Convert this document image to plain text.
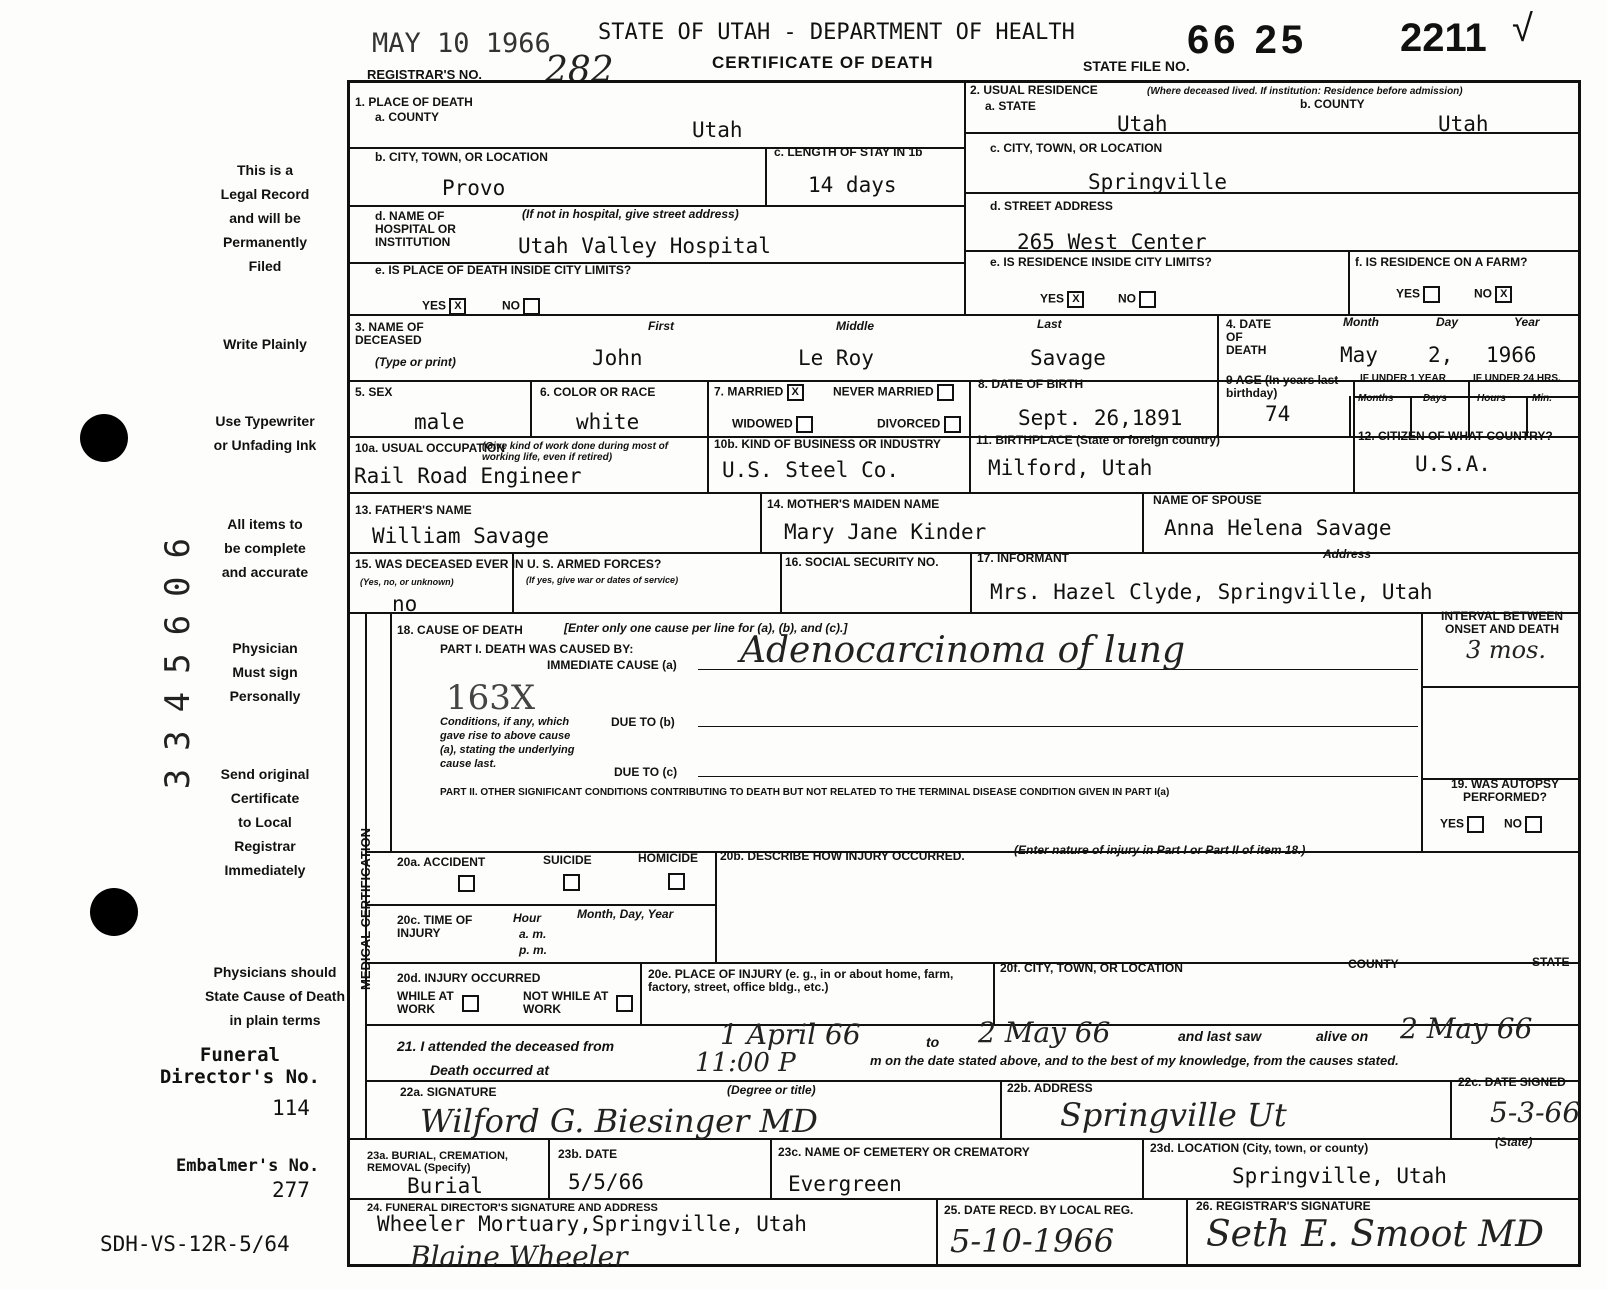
MAY 10 1966 STATE OF UTAH - DEPARTMENT OF HEALTH	66 25 2211 √
REGISTRAR'S NO. 282	CERTIFICATE OF DEATH	STATE FILE NO.
This is a
Legal Record
and will be
Permanently
Filed
Write Plainly
Use Typewriter
or Unfading Ink
All items to
be complete
and accurate
Physician
Must sign
Personally
Send original
Certificate
to Local
Registrar
Immediately
Physicians should
State Cause of Death
in plain terms
Funeral
Director's No.
114
Embalmer's No.
277
SDH-VS-12R-5/64
3345606
1. PLACE OF DEATH
a. COUNTY
Utah
2. USUAL RESIDENCE	(Where deceased lived. If institution: Residence before admission)
a. STATE	b. COUNTY
Utah	Utah
b. CITY, TOWN, OR LOCATION
Provo
c. LENGTH OF STAY IN 1b
14 days
c. CITY, TOWN, OR LOCATION
Springville
d. NAME OF HOSPITAL OR INSTITUTION
(If not in hospital, give street address)
Utah Valley Hospital
d. STREET ADDRESS
265 West Center
e. IS PLACE OF DEATH INSIDE CITY LIMITS?
YES X	NO
e. IS RESIDENCE INSIDE CITY LIMITS?
YES X	NO
f. IS RESIDENCE ON A FARM?
YES	NO X
3. NAME OF DECEASED
(Type or print)
First	Middle	Last
John	Le Roy	Savage
4. DATE OF DEATH
Month	Day	Year
May 2, 1966
5. SEX
male
6. COLOR OR RACE
white
7. MARRIED X	NEVER MARRIED
WIDOWED	DIVORCED
8. DATE OF BIRTH
Sept. 26,1891
9 AGE (In years last birthday)
74
IF UNDER 1 YEAR	IF UNDER 24 HRS.
Months	Days	Hours	Min.
10a. USUAL OCCUPATION
(Give kind of work done during most of working life, even if retired)
Rail Road Engineer
10b. KIND OF BUSINESS OR INDUSTRY
U.S. Steel Co.
11. BIRTHPLACE (State or foreign country)
Milford, Utah
12. CITIZEN OF WHAT COUNTRY?
U.S.A.
13. FATHER'S NAME
William Savage
14. MOTHER'S MAIDEN NAME
Mary Jane Kinder
NAME OF SPOUSE
Anna Helena Savage
15. WAS DECEASED EVER IN U. S. ARMED FORCES?
(Yes, no, or unknown)	(If yes, give war or dates of service)
no
16. SOCIAL SECURITY NO.	17. INFORMANT	Address
Mrs. Hazel Clyde, Springville, Utah
MEDICAL CERTIFICATION
18. CAUSE OF DEATH	[Enter only one cause per line for (a), (b), and (c).]
PART I. DEATH WAS CAUSED BY:
IMMEDIATE CAUSE (a) Adenocarcinoma of lung
INTERVAL BETWEEN ONSET AND DEATH
3 mos.
163X
Conditions, if any, which gave rise to above cause (a), stating the underlying cause last.
DUE TO (b)
DUE TO (c)
PART II. OTHER SIGNIFICANT CONDITIONS CONTRIBUTING TO DEATH BUT NOT RELATED TO THE TERMINAL DISEASE CONDITION GIVEN IN PART I(a)
19. WAS AUTOPSY PERFORMED?
YES	NO
20a. ACCIDENT	SUICIDE	HOMICIDE 20b. DESCRIBE HOW INJURY OCCURRED.	(Enter nature of injury in Part I or Part II of item 18.)
20c. TIME OF INJURY
Hour
a. m.
p. m.
Month, Day, Year
20d. INJURY OCCURRED
WHILE AT WORK
NOT WHILE AT WORK
20e. PLACE OF INJURY (e. g., in or about home, farm, factory, street, office bldg., etc.)
20f. CITY, TOWN, OR LOCATION	COUNTY	STATE
21. I attended the deceased from	1 April 66	to 2 May 66	and last saw	alive on 2 May 66
Death occurred at	11:00 P	m on the date stated above, and to the best of my knowledge, from the causes stated.
22a. SIGNATURE	(Degree or title)
Wilford G. Biesinger MD
22b. ADDRESS
Springville Ut
22c. DATE SIGNED
5-3-66
(State)
23a. BURIAL, CREMATION, REMOVAL (Specify)
Burial
23b. DATE
5/5/66
23c. NAME OF CEMETERY OR CREMATORY
Evergreen
23d. LOCATION (City, town, or county)
Springville, Utah
24. FUNERAL DIRECTOR'S SIGNATURE AND ADDRESS
Wheeler Mortuary,Springville, Utah
Blaine Wheeler
25. DATE RECD. BY LOCAL REG.
5-10-1966
26. REGISTRAR'S SIGNATURE
Seth E. Smoot MD
